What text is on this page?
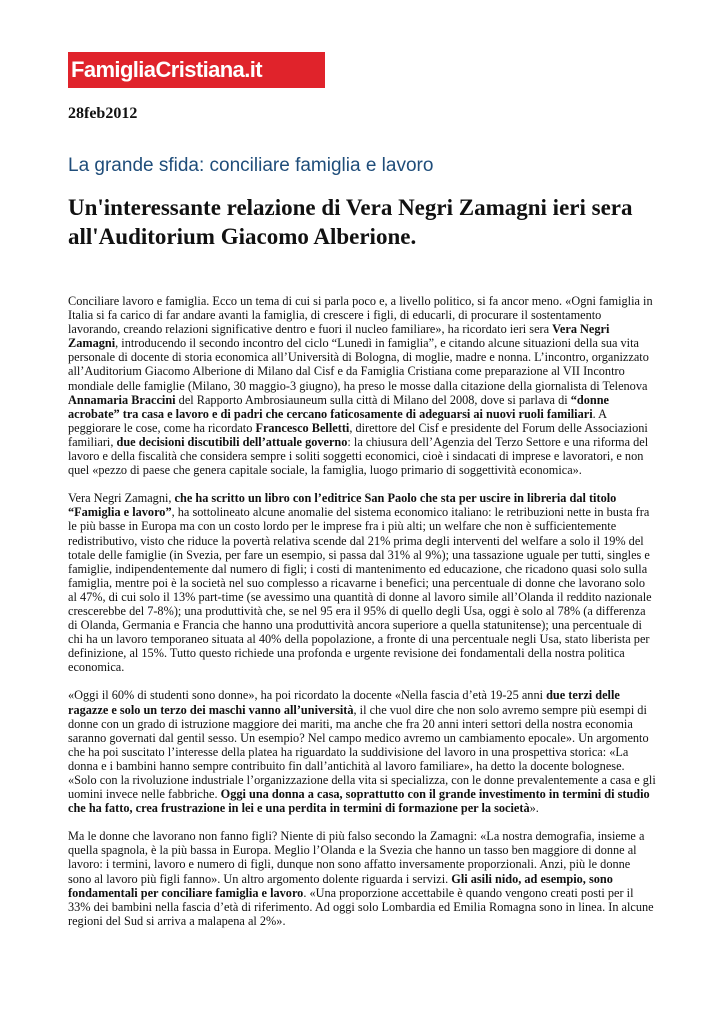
FamigliaCristiana.it

28feb2012

La grande sfida: conciliare famiglia e lavoro
Un'interessante relazione di Vera Negri Zamagni ieri sera all'Auditorium Giacomo Alberione.

Conciliare lavoro e famiglia. Ecco un tema di cui si parla poco e, a livello politico, si fa ancor meno. «Ogni famiglia in Italia si fa carico di far andare avanti la famiglia, di crescere i figli, di educarli, di procurare il sostentamento lavorando, creando relazioni significative dentro e fuori il nucleo familiare», ha ricordato ieri sera Vera Negri Zamagni, introducendo il secondo incontro del ciclo “Lunedì in famiglia”, e citando alcune situazioni della sua vita personale di docente di storia economica all’Università di Bologna, di moglie, madre e nonna. L’incontro, organizzato all’Auditorium Giacomo Alberione di Milano dal Cisf e da Famiglia Cristiana come preparazione al VII Incontro mondiale delle famiglie (Milano, 30 maggio-3 giugno), ha preso le mosse dalla citazione della giornalista di Telenova Annamaria Braccini del Rapporto Ambrosiauneum sulla città di Milano del 2008, dove si parlava di “donne acrobate” tra casa e lavoro e di padri che cercano faticosamente di adeguarsi ai nuovi ruoli familiari. A peggiorare le cose, come ha ricordato Francesco Belletti, direttore del Cisf e presidente del Forum delle Associazioni familiari, due decisioni discutibili dell’attuale governo: la chiusura dell’Agenzia del Terzo Settore e una riforma del lavoro e della fiscalità che considera sempre i soliti soggetti economici, cioè i sindacati di imprese e lavoratori, e non quel «pezzo di paese che genera capitale sociale, la famiglia, luogo primario di soggettività economica».

Vera Negri Zamagni, che ha scritto un libro con l’editrice San Paolo che sta per uscire in libreria dal titolo “Famiglia e lavoro”, ha sottolineato alcune anomalie del sistema economico italiano: le retribuzioni nette in busta fra le più basse in Europa ma con un costo lordo per le imprese fra i più alti; un welfare che non è sufficientemente redistributivo, visto che riduce la povertà relativa scende dal 21% prima degli interventi del welfare a solo il 19% del totale delle famiglie (in Svezia, per fare un esempio, si passa dal 31% al 9%); una tassazione uguale per tutti, singles e famiglie, indipendentemente dal numero di figli; i costi di mantenimento ed educazione, che ricadono quasi solo sulla famiglia, mentre poi è la società nel suo complesso a ricavarne i benefici; una percentuale di donne che lavorano solo al 47%, di cui solo il 13% part-time (se avessimo una quantità di donne al lavoro simile all’Olanda il reddito nazionale crescerebbe del 7-8%); una produttività che, se nel 95 era il 95% di quello degli Usa, oggi è solo al 78% (a differenza di Olanda, Germania e Francia che hanno una produttività ancora superiore a quella statunitense); una percentuale di chi ha un lavoro temporaneo situata al 40% della popolazione, a fronte di una percentuale negli Usa, stato liberista per definizione, al 15%. Tutto questo richiede una profonda e urgente revisione dei fondamentali della nostra politica economica.

«Oggi il 60% di studenti sono donne», ha poi ricordato la docente «Nella fascia d’età 19-25 anni due terzi delle ragazze e solo un terzo dei maschi vanno all’università, il che vuol dire che non solo avremo sempre più esempi di donne con un grado di istruzione maggiore dei mariti, ma anche che fra 20 anni interi settori della nostra economia saranno governati dal gentil sesso. Un esempio? Nel campo medico avremo un cambiamento epocale». Un argomento che ha poi suscitato l’interesse della platea ha riguardato la suddivisione del lavoro in una prospettiva storica: «La donna e i bambini hanno sempre contribuito fin dall’antichità al lavoro familiare», ha detto la docente bolognese. «Solo con la rivoluzione industriale l’organizzazione della vita si specializza, con le donne prevalentemente a casa e gli uomini invece nelle fabbriche. Oggi una donna a casa, soprattutto con il grande investimento in termini di studio che ha fatto, crea frustrazione in lei e una perdita in termini di formazione per la società».

Ma le donne che lavorano non fanno figli? Niente di più falso secondo la Zamagni: «La nostra demografia, insieme a quella spagnola, è la più bassa in Europa. Meglio l’Olanda e la Svezia che hanno un tasso ben maggiore di donne al lavoro: i termini, lavoro e numero di figli, dunque non sono affatto inversamente proporzionali. Anzi, più le donne sono al lavoro più figli fanno». Un altro argomento dolente riguarda i servizi. Gli asili nido, ad esempio, sono fondamentali per conciliare famiglia e lavoro. «Una proporzione accettabile è quando vengono creati posti per il 33% dei bambini nella fascia d’età di riferimento. Ad oggi solo Lombardia ed Emilia Romagna sono in linea. In alcune regioni del Sud si arriva a malapena al 2%».
